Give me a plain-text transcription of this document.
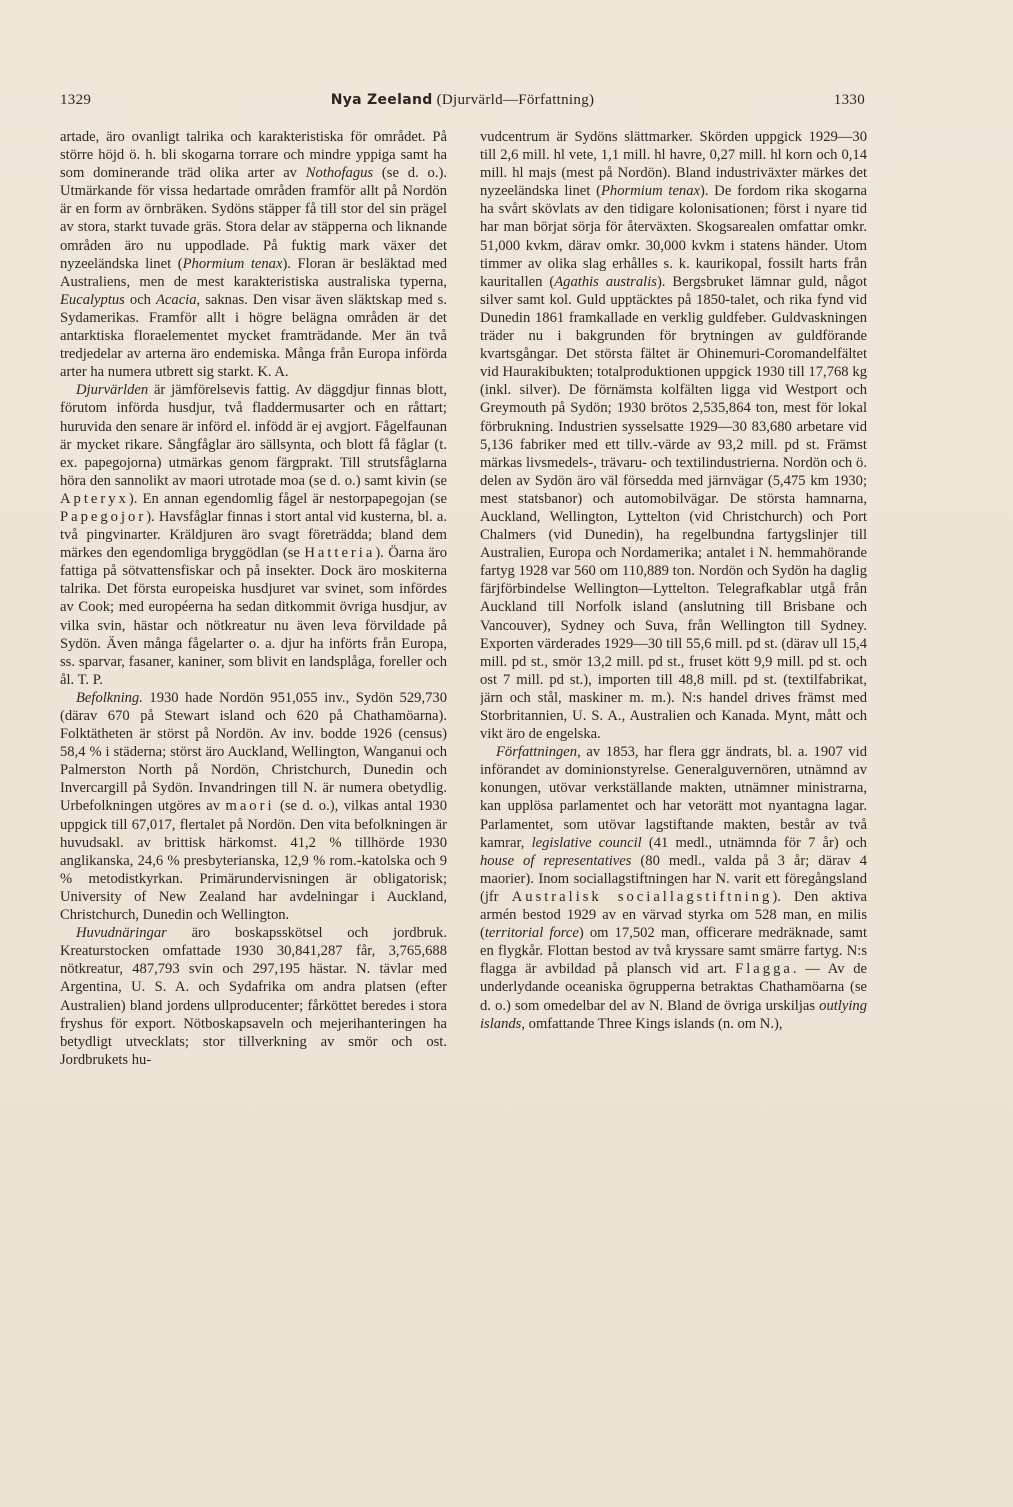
1329	Nya Zeeland (Djurvärld—Författning)	1330

artade, äro ovanligt talrika och karakteristiska för området. På större höjd ö. h. bli skogarna torrare och mindre yppiga samt ha som dominerande träd olika arter av Nothofagus (se d. o.). Utmärkande för vissa hedartade områden framför allt på Nordön är en form av örnbräken. Sydöns stäpper få till stor del sin prägel av stora, starkt tuvade gräs. Stora delar av stäpperna och liknande områden äro nu uppodlade. På fuktig mark växer det nyzeeländska linet (Phormium tenax). Floran är besläktad med Australiens, men de mest karakteristiska australiska typerna, Eucalyptus och Acacia, saknas. Den visar även släktskap med s. Sydamerikas. Framför allt i högre belägna områden är det antarktiska floraelementet mycket framträdande. Mer än två tredjedelar av arterna äro endemiska. Många från Europa införda arter ha numera utbrett sig starkt. K. A.

Djurvärlden är jämförelsevis fattig. Av däggdjur finnas blott, förutom införda husdjur, två fladdermusarter och en råttart; huruvida den senare är införd el. infödd är ej avgjort. Fågelfaunan är mycket rikare. Sångfåglar äro sällsynta, och blott få fåglar (t. ex. papegojorna) utmärkas genom färgprakt. Till strutsfåglarna höra den sannolikt av maori utrotade moa (se d. o.) samt kivin (se Apteryx). En annan egendomlig fågel är nestorpapegojan (se Papegojor). Havsfåglar finnas i stort antal vid kusterna, bl. a. två pingvinarter. Kräldjuren äro svagt företrädda; bland dem märkes den egendomliga bryggödlan (se Hatteria). Öarna äro fattiga på sötvattensfiskar och på insekter. Dock äro moskiterna talrika. Det första europeiska husdjuret var svinet, som infördes av Cook; med européerna ha sedan ditkommit övriga husdjur, av vilka svin, hästar och nötkreatur nu även leva förvildade på Sydön. Även många fågelarter o. a. djur ha införts från Europa, ss. sparvar, fasaner, kaniner, som blivit en landsplåga, foreller och ål. T. P.

Befolkning. 1930 hade Nordön 951,055 inv., Sydön 529,730 (därav 670 på Stewart island och 620 på Chathamöarna). Folktätheten är störst på Nordön. Av inv. bodde 1926 (census) 58,4 % i städerna; störst äro Auckland, Wellington, Wanganui och Palmerston North på Nordön, Christchurch, Dunedin och Invercargill på Sydön. Invandringen till N. är numera obetydlig. Urbefolkningen utgöres av maori (se d. o.), vilkas antal 1930 uppgick till 67,017, flertalet på Nordön. Den vita befolkningen är huvudsakl. av brittisk härkomst. 41,2 % tillhörde 1930 anglikanska, 24,6 % presbyterianska, 12,9 % rom.-katolska och 9 % metodistkyrkan. Primärundervisningen är obligatorisk; University of New Zealand har avdelningar i Auckland, Christchurch, Dunedin och Wellington.

Huvudnäringar äro boskapsskötsel och jordbruk. Kreaturstocken omfattade 1930 30,841,287 får, 3,765,688 nötkreatur, 487,793 svin och 297,195 hästar. N. tävlar med Argentina, U. S. A. och Sydafrika om andra platsen (efter Australien) bland jordens ullproducenter; fårköttet beredes i stora fryshus för export. Nötboskapsaveln och mejerihanteringen ha betydligt utvecklats; stor tillverkning av smör och ost. Jordbrukets hu-

vudcentrum är Sydöns slättmarker. Skörden uppgick 1929—30 till 2,6 mill. hl vete, 1,1 mill. hl havre, 0,27 mill. hl korn och 0,14 mill. hl majs (mest på Nordön). Bland industriväxter märkes det nyzeeländska linet (Phormium tenax). De fordom rika skogarna ha svårt skövlats av den tidigare kolonisationen; först i nyare tid har man börjat sörja för återväxten. Skogsarealen omfattar omkr. 51,000 kvkm, därav omkr. 30,000 kvkm i statens händer. Utom timmer av olika slag erhålles s. k. kaurikopal, fossilt harts från kauritallen (Agathis australis). Bergsbruket lämnar guld, något silver samt kol. Guld upptäcktes på 1850-talet, och rika fynd vid Dunedin 1861 framkallade en verklig guldfeber. Guldvaskningen träder nu i bakgrunden för brytningen av guldförande kvartsgångar. Det största fältet är Ohinemuri-Coromandelfältet vid Haurakibukten; totalproduktionen uppgick 1930 till 17,768 kg (inkl. silver). De förnämsta kolfälten ligga vid Westport och Greymouth på Sydön; 1930 brötos 2,535,864 ton, mest för lokal förbrukning. Industrien sysselsatte 1929—30 83,680 arbetare vid 5,136 fabriker med ett tillv.-värde av 93,2 mill. pd st. Främst märkas livsmedels-, trävaru- och textilindustrierna. Nordön och ö. delen av Sydön äro väl försedda med järnvägar (5,475 km 1930; mest statsbanor) och automobilvägar. De största hamnarna, Auckland, Wellington, Lyttelton (vid Christchurch) och Port Chalmers (vid Dunedin), ha regelbundna fartygslinjer till Australien, Europa och Nordamerika; antalet i N. hemmahörande fartyg 1928 var 560 om 110,889 ton. Nordön och Sydön ha daglig färjförbindelse Wellington—Lyttelton. Telegrafkablar utgå från Auckland till Norfolk island (anslutning till Brisbane och Vancouver), Sydney och Suva, från Wellington till Sydney. Exporten värderades 1929—30 till 55,6 mill. pd st. (därav ull 15,4 mill. pd st., smör 13,2 mill. pd st., fruset kött 9,9 mill. pd st. och ost 7 mill. pd st.), importen till 48,8 mill. pd st. (textilfabrikat, järn och stål, maskiner m. m.). N:s handel drives främst med Storbritannien, U. S. A., Australien och Kanada. Mynt, mått och vikt äro de engelska.

Författningen, av 1853, har flera ggr ändrats, bl. a. 1907 vid införandet av dominionstyrelse. Generalguvernören, utnämnd av konungen, utövar verkställande makten, utnämner ministrarna, kan upplösa parlamentet och har vetorätt mot nyantagna lagar. Parlamentet, som utövar lagstiftande makten, består av två kamrar, legislative council (41 medl., utnämnda för 7 år) och house of representatives (80 medl., valda på 3 år; därav 4 maorier). Inom sociallagstiftningen har N. varit ett föregångsland (jfr Australisk sociallagstiftning). Den aktiva armén bestod 1929 av en värvad styrka om 528 man, en milis (territorial force) om 17,502 man, officerare medräknade, samt en flygkår. Flottan bestod av två kryssare samt smärre fartyg. N:s flagga är avbildad på plansch vid art. Flagga. — Av de underlydande oceaniska ögrupperna betraktas Chathamöarna (se d. o.) som omedelbar del av N. Bland de övriga urskiljas outlying islands, omfattande Three Kings islands (n. om N.),
